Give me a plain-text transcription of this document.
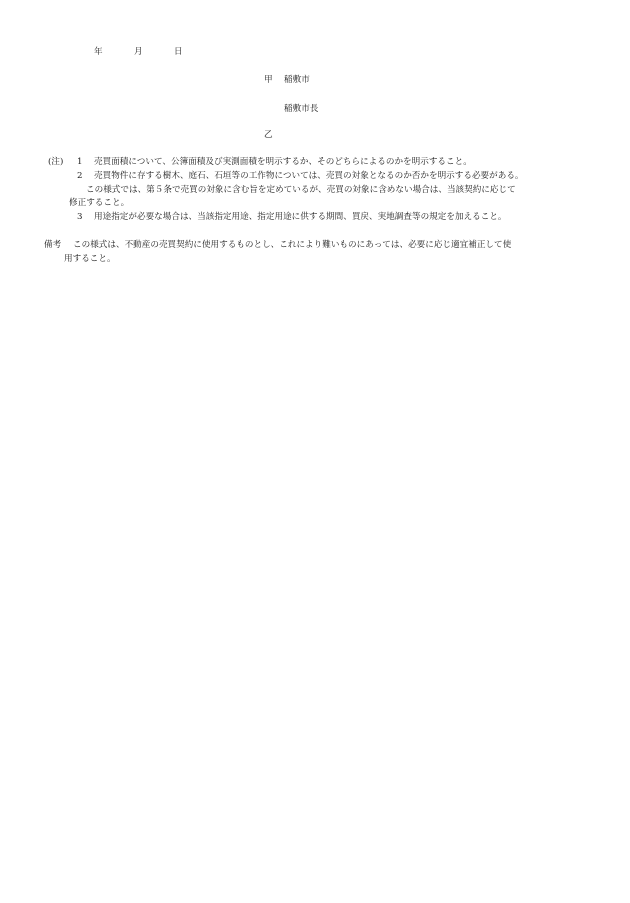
年	月	日
甲 稲敷市
稲敷市長
乙
(注) 1 売買面積について、公簿面積及び実測面積を明示するか、そのどちらによるのかを明示すること。
2 売買物件に存する樹木、庭石、石垣等の工作物については、売買の対象となるのか否かを明示する必要がある。
この様式では、第５条で売買の対象に含む旨を定めているが、売買の対象に含めない場合は、当該契約に応じて
修正すること。
3 用途指定が必要な場合は、当該指定用途、指定用途に供する期間、買戻、実地調査等の規定を加えること。
備考 この様式は、不動産の売買契約に使用するものとし、これにより難いものにあっては、必要に応じ適宜補正して使
用すること。
